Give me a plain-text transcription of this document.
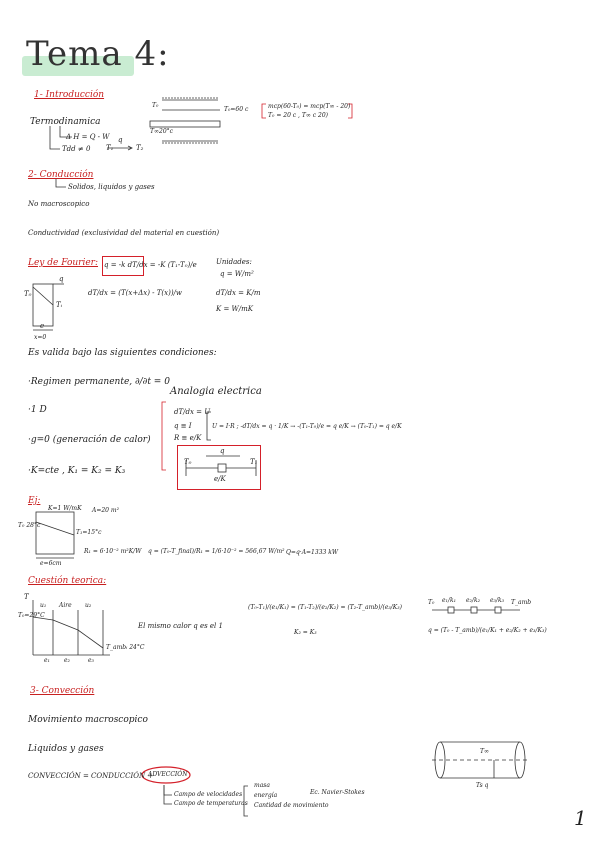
Tema 4:
1- Introducción
Termodinamica
Δ H = Q - W
Tdd ≠ 0 T₁
q
T₂
T₀
T₀=60 c
T∞20°c
mcp(60-T₀) = mcp(T∞ - 20)
T₀ = 20 c , T∞ c 20)
2- Conducción
Solidos, liquidos y gases
No macroscopico
Conductividad (exclusividad del material en cuestión)
Ley de Fourier: q = -k dT/dx = -K (T₁-T₀)/e	Unidades:
q = W/m²
dT/dx = K/m
K = W/mK
dT/dx = (T(x+Δx) - T(x))/w
T₀
Tᵢ
e
x=0
q
Es valida bajo las siguientes condiciones:
·Regimen permanente, ∂/∂t = 0
·1 D
·g=0 (generación de calor)
·K=cte , K₁ = K₂ = K₃
Analogia electrica
dT/dx = U
q ≡ I
R ≡ e/K
U = I·R ; -dT/dx = q · 1/K → -(T₁-T₀)/e = q e/K → (T₀-T₁) = q e/K
T₀
q
T₁
e/K
Ej:
K=1 W/mK A=20 m²
T₀ 28°c
T₁=15°c
e=6cm
R₁ = 6·10⁻² m²K/W q = (T₀-T_final)/R₁ = 1/6·10⁻² = 566,67 W/m² Q=q·A=1333 kW
Cuestión teorica:
T
T₀=29°C
u₁ Aire u₂
T_ambᵢ 24°C
e₁ e₂	e₃
El mismo calor q es el 1
(T₀-T₁)/(e₁/K₁) = (T₁-T₂)/(e₂/K₂) = (T₂-T_amb)/(e₃/K₃)
K₂ = K₃
T₀ e₁/k₁ e₂/k₂ e₃/k₃ T_amb
q = (T₀ - T_amb)/(e₁/K₁ + e₂/K₂ + e₃/K₃)
3- Convección
Movimiento macroscopico
Liquidos y gases
CONVECCIÓN = CONDUCCIÓN +
ADVECCIÓN
Campo de velocidades
Campo de temperaturas
masa
energía
Cantidad de movimiento
Ec. Navier-Stokes
T∞
Ts q
1
